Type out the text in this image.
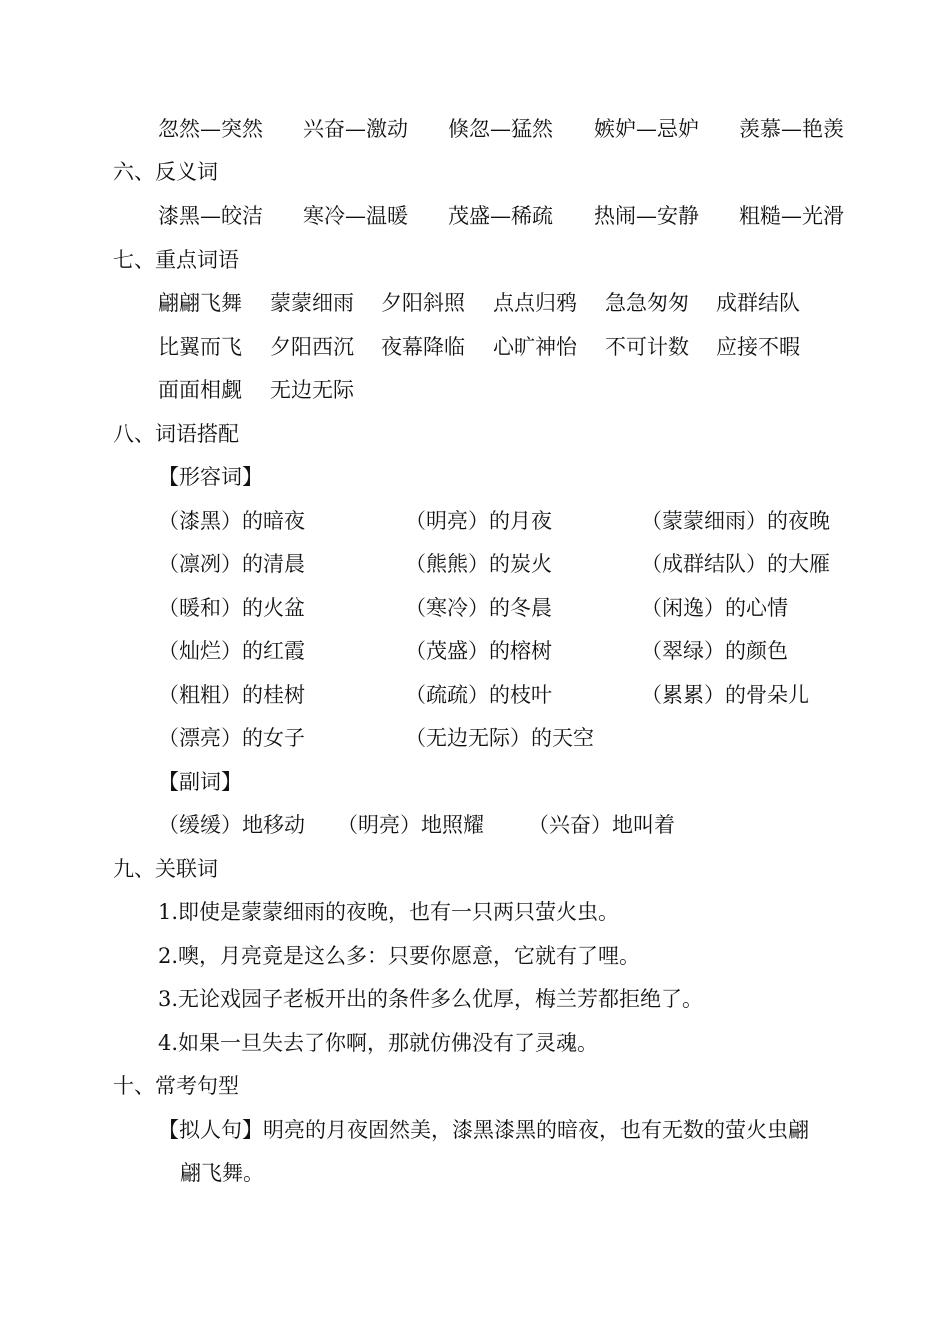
忽然—突然 兴奋—激动 倏忽—猛然 嫉妒—忌妒 羡慕—艳羡
六、反义词
漆黑—皎洁 寒冷—温暖 茂盛—稀疏 热闹—安静 粗糙—光滑
七、重点词语
翩翩飞舞 蒙蒙细雨 夕阳斜照 点点归鸦 急急匆匆 成群结队
比翼而飞 夕阳西沉 夜幕降临 心旷神怡 不可计数 应接不暇
面面相觑 无边无际
八、词语搭配
【形容词】
（漆黑）的暗夜	（明亮）的月夜	（蒙蒙细雨）的夜晚
（凛冽）的清晨	（熊熊）的炭火	（成群结队）的大雁
（暖和）的火盆	（寒冷）的冬晨	（闲逸）的心情
（灿烂）的红霞	（茂盛）的榕树	（翠绿）的颜色
（粗粗）的桂树	（疏疏）的枝叶	（累累）的骨朵儿
（漂亮）的女子	（无边无际）的天空
【副词】
（缓缓）地移动 （明亮）地照耀 （兴奋）地叫着
九、关联词
1.即使是蒙蒙细雨的夜晚，也有一只两只萤火虫。
2.噢，月亮竟是这么多：只要你愿意，它就有了哩。
3.无论戏园子老板开出的条件多么优厚，梅兰芳都拒绝了。
4.如果一旦失去了你啊，那就仿佛没有了灵魂。
十、常考句型
【拟人句】明亮的月夜固然美，漆黑漆黑的暗夜，也有无数的萤火虫翩
翩飞舞。
